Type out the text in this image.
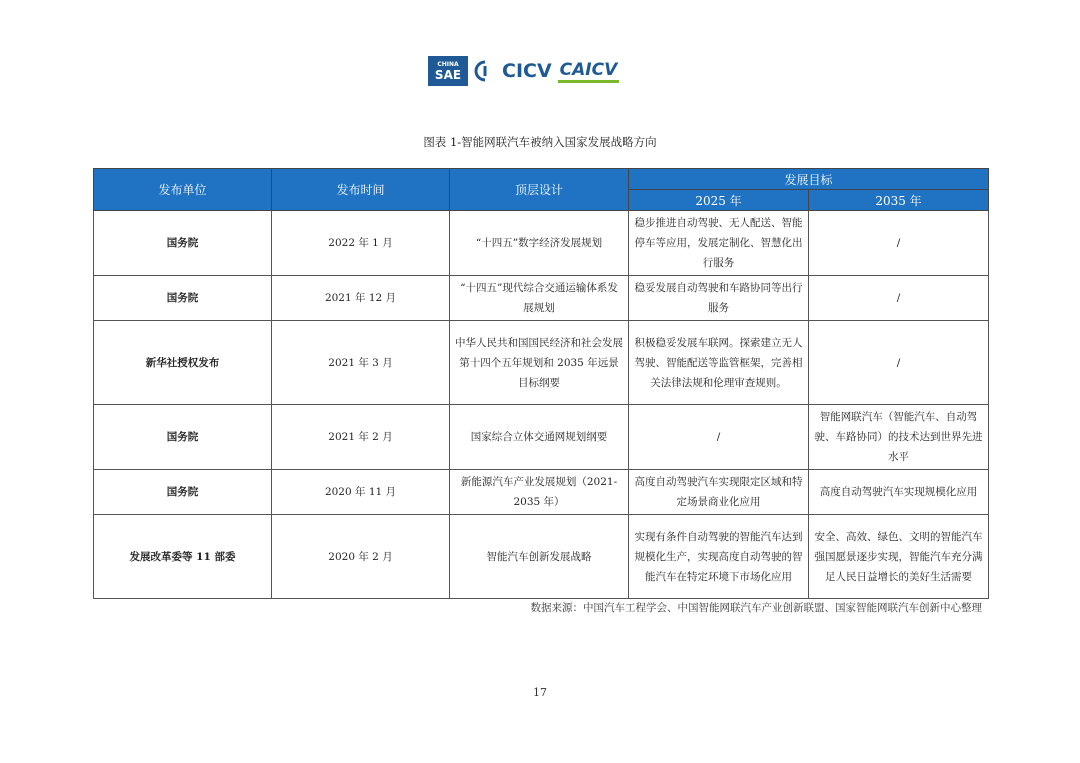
CHINA
SAE CICV CAICV
图表 1-智能网联汽车被纳入国家发展战略方向
发布单位	发布时间	顶层设计	发展目标	
			2025 年	2035 年
国务院	2022 年 1 月	“十四五”数字经济发展规划	稳步推进自动驾驶、无人配送、智能停车等应用，发展定制化、智慧化出行服务	/
国务院	2021 年 12 月	“十四五”现代综合交通运输体系发展规划	稳妥发展自动驾驶和车路协同等出行服务	/
新华社授权发布	2021 年 3 月	中华人民共和国国民经济和社会发展第十四个五年规划和 2035 年远景目标纲要	积极稳妥发展车联网。探索建立无人驾驶、智能配送等监管框架，完善相关法律法规和伦理审查规则。	/
国务院	2021 年 2 月	国家综合立体交通网规划纲要	/	智能网联汽车（智能汽车、自动驾驶、车路协同）的技术达到世界先进水平
国务院	2020 年 11 月	新能源汽车产业发展规划（2021-2035 年）	高度自动驾驶汽车实现限定区域和特定场景商业化应用	高度自动驾驶汽车实现规模化应用
发展改革委等 11 部委	2020 年 2 月	智能汽车创新发展战略	实现有条件自动驾驶的智能汽车达到规模化生产，实现高度自动驾驶的智能汽车在特定环境下市场化应用	安全、高效、绿色、文明的智能汽车强国愿景逐步实现，智能汽车充分满足人民日益增长的美好生活需要
数据来源：中国汽车工程学会、中国智能网联汽车产业创新联盟、国家智能网联汽车创新中心整理
17
